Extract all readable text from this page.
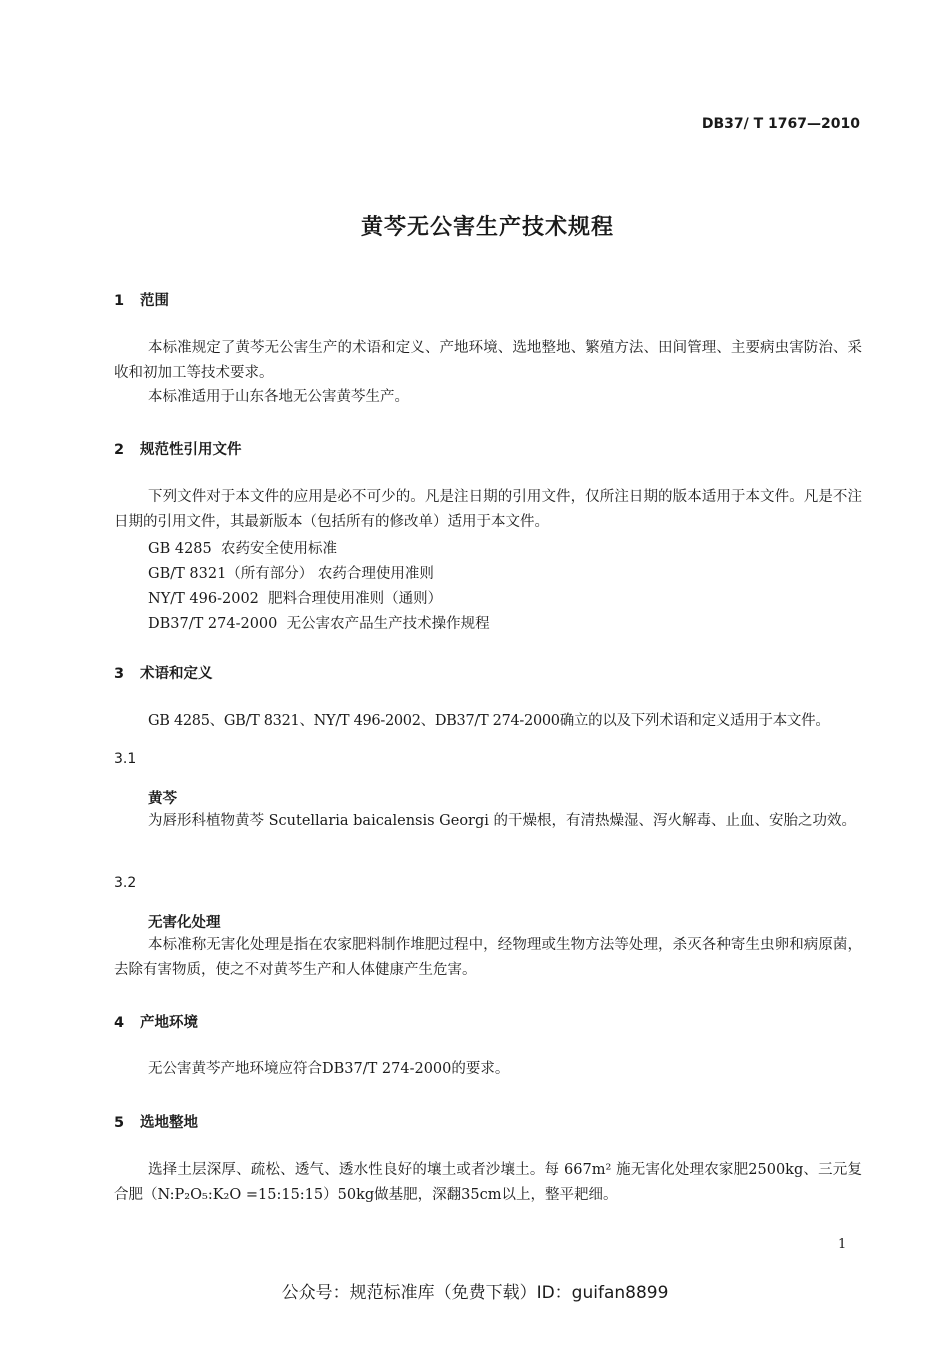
DB37/ T 1767—2010
黄芩无公害生产技术规程
1 范围
本标准规定了黄芩无公害生产的术语和定义、产地环境、选地整地、繁殖方法、田间管理、主要病虫害防治、采收和初加工等技术要求。
本标准适用于山东各地无公害黄芩生产。
2 规范性引用文件
下列文件对于本文件的应用是必不可少的。凡是注日期的引用文件，仅所注日期的版本适用于本文件。凡是不注日期的引用文件，其最新版本（包括所有的修改单）适用于本文件。
GB 4285  农药安全使用标准
GB/T 8321（所有部分） 农药合理使用准则
NY/T 496-2002  肥料合理使用准则（通则）
DB37/T 274-2000  无公害农产品生产技术操作规程
3 术语和定义
GB 4285、GB/T 8321、NY/T 496-2002、DB37/T 274-2000确立的以及下列术语和定义适用于本文件。
3.1
黄芩
为唇形科植物黄芩 Scutellaria baicalensis Georgi 的干燥根，有清热燥湿、泻火解毒、止血、安胎之功效。
3.2
无害化处理
本标准称无害化处理是指在农家肥料制作堆肥过程中，经物理或生物方法等处理，杀灭各种寄生虫卵和病原菌，去除有害物质，使之不对黄芩生产和人体健康产生危害。
4 产地环境
无公害黄芩产地环境应符合DB37/T 274-2000的要求。
5 选地整地
选择土层深厚、疏松、透气、透水性良好的壤土或者沙壤土。每 667m² 施无害化处理农家肥2500kg、三元复合肥（N:P₂O₅:K₂O =15:15:15）50kg做基肥，深翻35cm以上，整平耙细。
1
公众号：规范标准库（免费下载）ID：guifan8899
